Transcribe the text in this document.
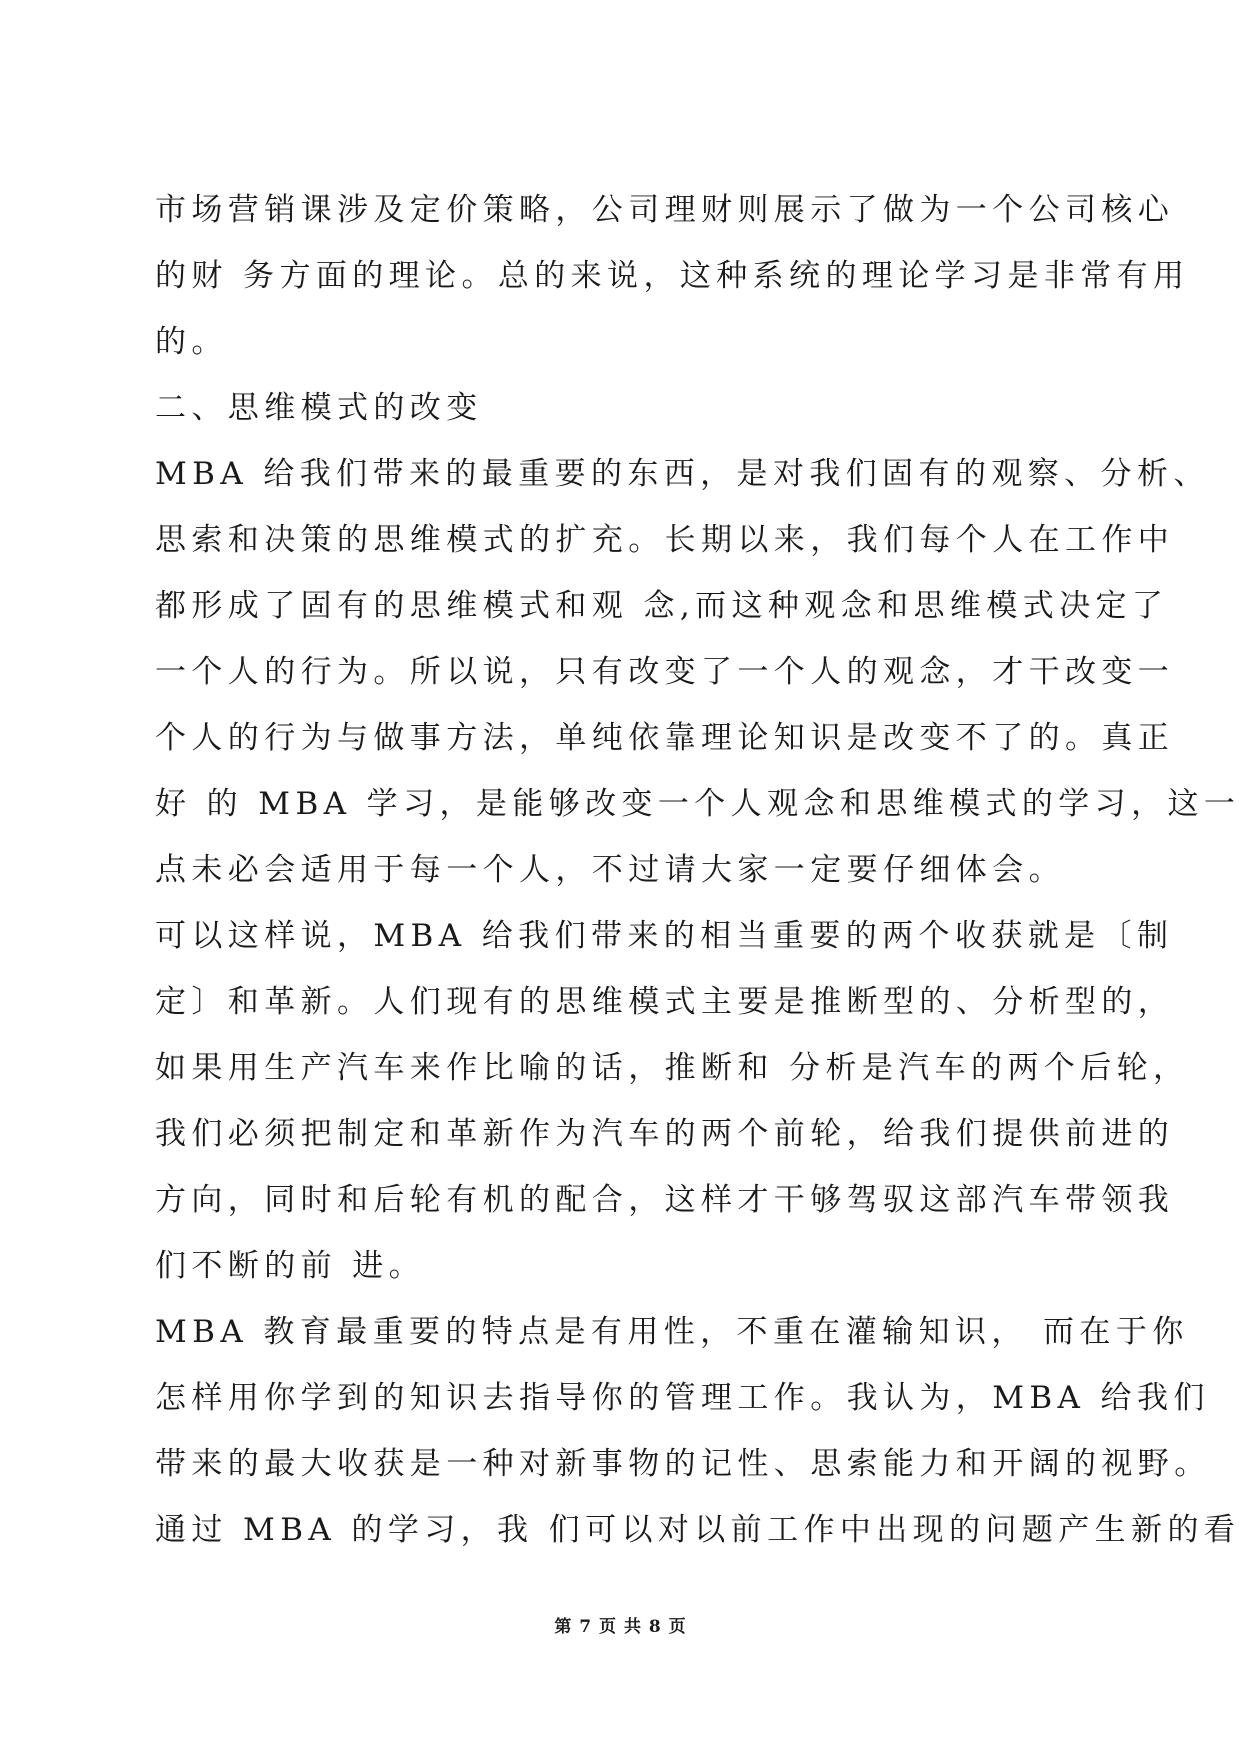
市场营销课涉及定价策略，公司理财则展示了做为一个公司核心
的财 务方面的理论。总的来说，这种系统的理论学习是非常有用
的。
二、思维模式的改变
MBA 给我们带来的最重要的东西，是对我们固有的观察、分析、
思索和决策的思维模式的扩充。长期以来，我们每个人在工作中
都形成了固有的思维模式和观 念,而这种观念和思维模式决定了
一个人的行为。所以说，只有改变了一个人的观念，才干改变一
个人的行为与做事方法，单纯依靠理论知识是改变不了的。真正
好 的 MBA 学习，是能够改变一个人观念和思维模式的学习，这一
点未必会适用于每一个人，不过请大家一定要仔细体会。
可以这样说，MBA 给我们带来的相当重要的两个收获就是〔制
定〕和革新。人们现有的思维模式主要是推断型的、分析型的，
如果用生产汽车来作比喻的话，推断和 分析是汽车的两个后轮，
我们必须把制定和革新作为汽车的两个前轮，给我们提供前进的
方向，同时和后轮有机的配合，这样才干够驾驭这部汽车带领我
们不断的前 进。
MBA 教育最重要的特点是有用性，不重在灌输知识， 而在于你
怎样用你学到的知识去指导你的管理工作。我认为，MBA 给我们
带来的最大收获是一种对新事物的记性、思索能力和开阔的视野。
通过 MBA 的学习，我 们可以对以前工作中出现的问题产生新的看
第 7 页 共 8 页
